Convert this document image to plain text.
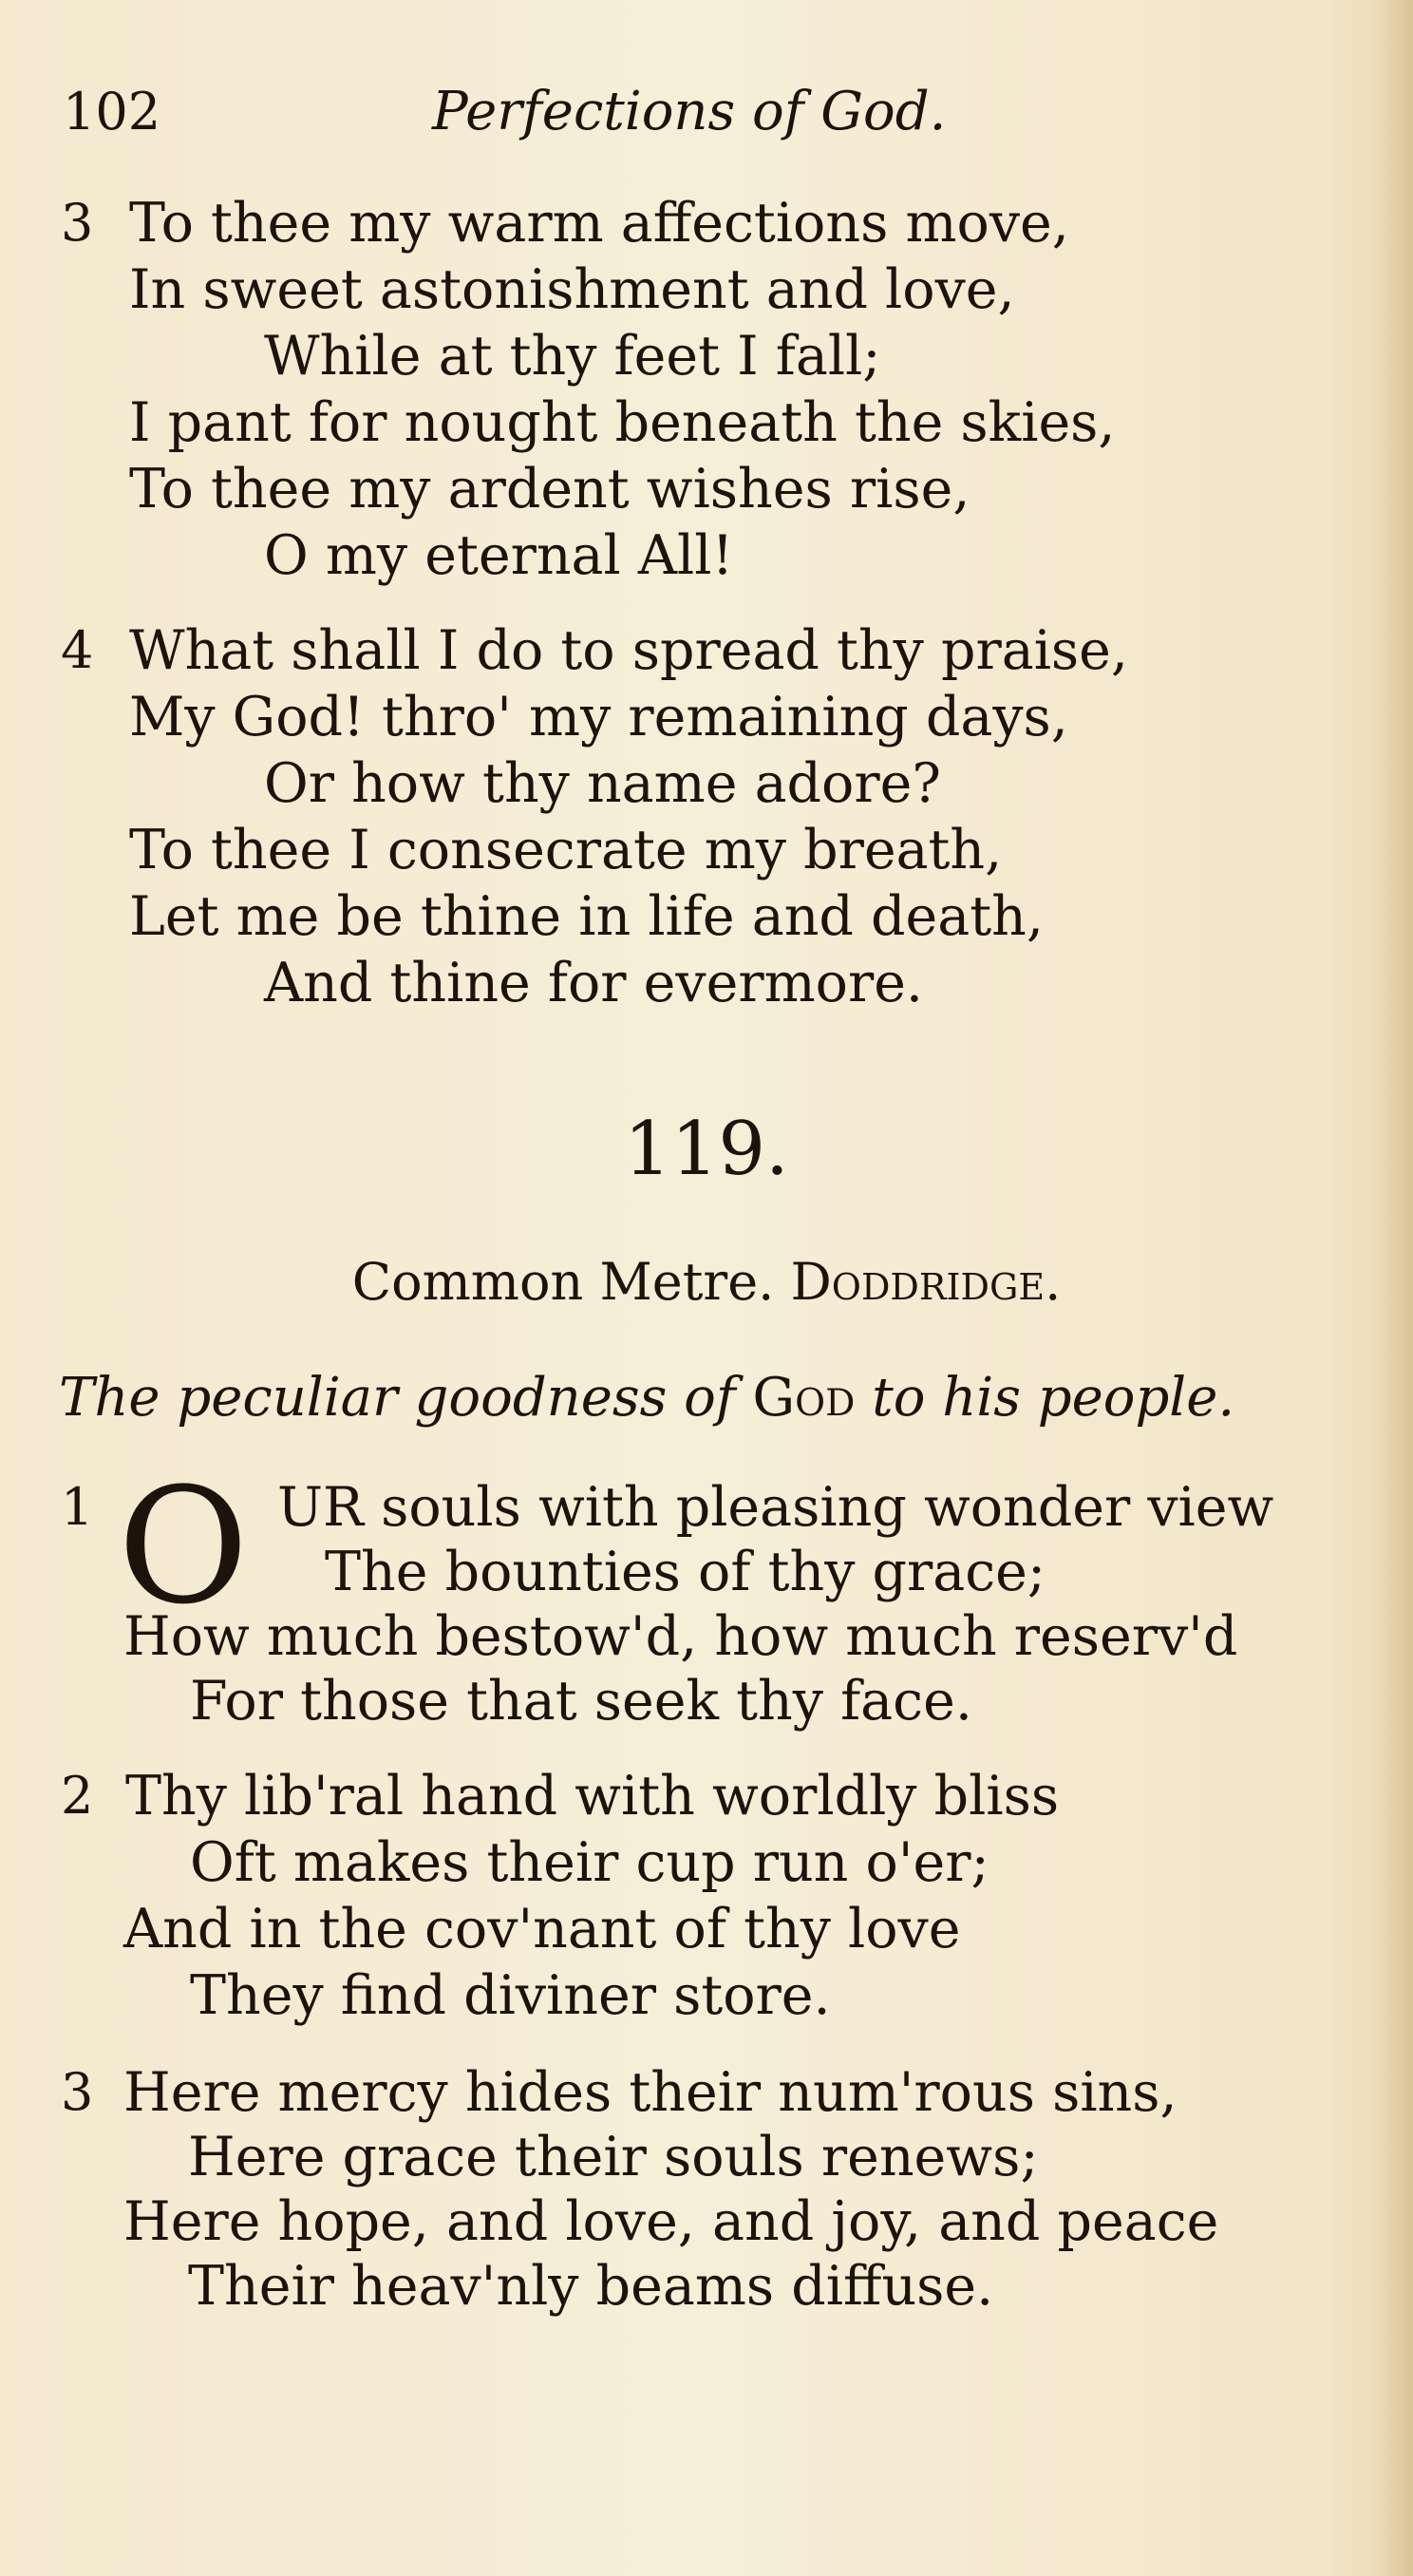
102	Perfections of God.
3 To thee my warm affections move,
In sweet astonishment and love,
While at thy feet I fall;
I pant for nought beneath the skies,
To thee my ardent wishes rise,
O my eternal All!
4 What shall I do to spread thy praise,
My God! thro' my remaining days,
Or how thy name adore?
To thee I consecrate my breath,
Let me be thine in life and death,
And thine for evermore.
119.
Common Metre. Doddridge.
The peculiar goodness of God to his people.
1 O UR souls with pleasing wonder view
The bounties of thy grace;
How much bestow'd, how much reserv'd
For those that seek thy face.
2 Thy lib'ral hand with worldly bliss
Oft makes their cup run o'er;
And in the cov'nant of thy love
They find diviner store.
3 Here mercy hides their num'rous sins,
Here grace their souls renews;
Here hope, and love, and joy, and peace
Their heav'nly beams diffuse.
